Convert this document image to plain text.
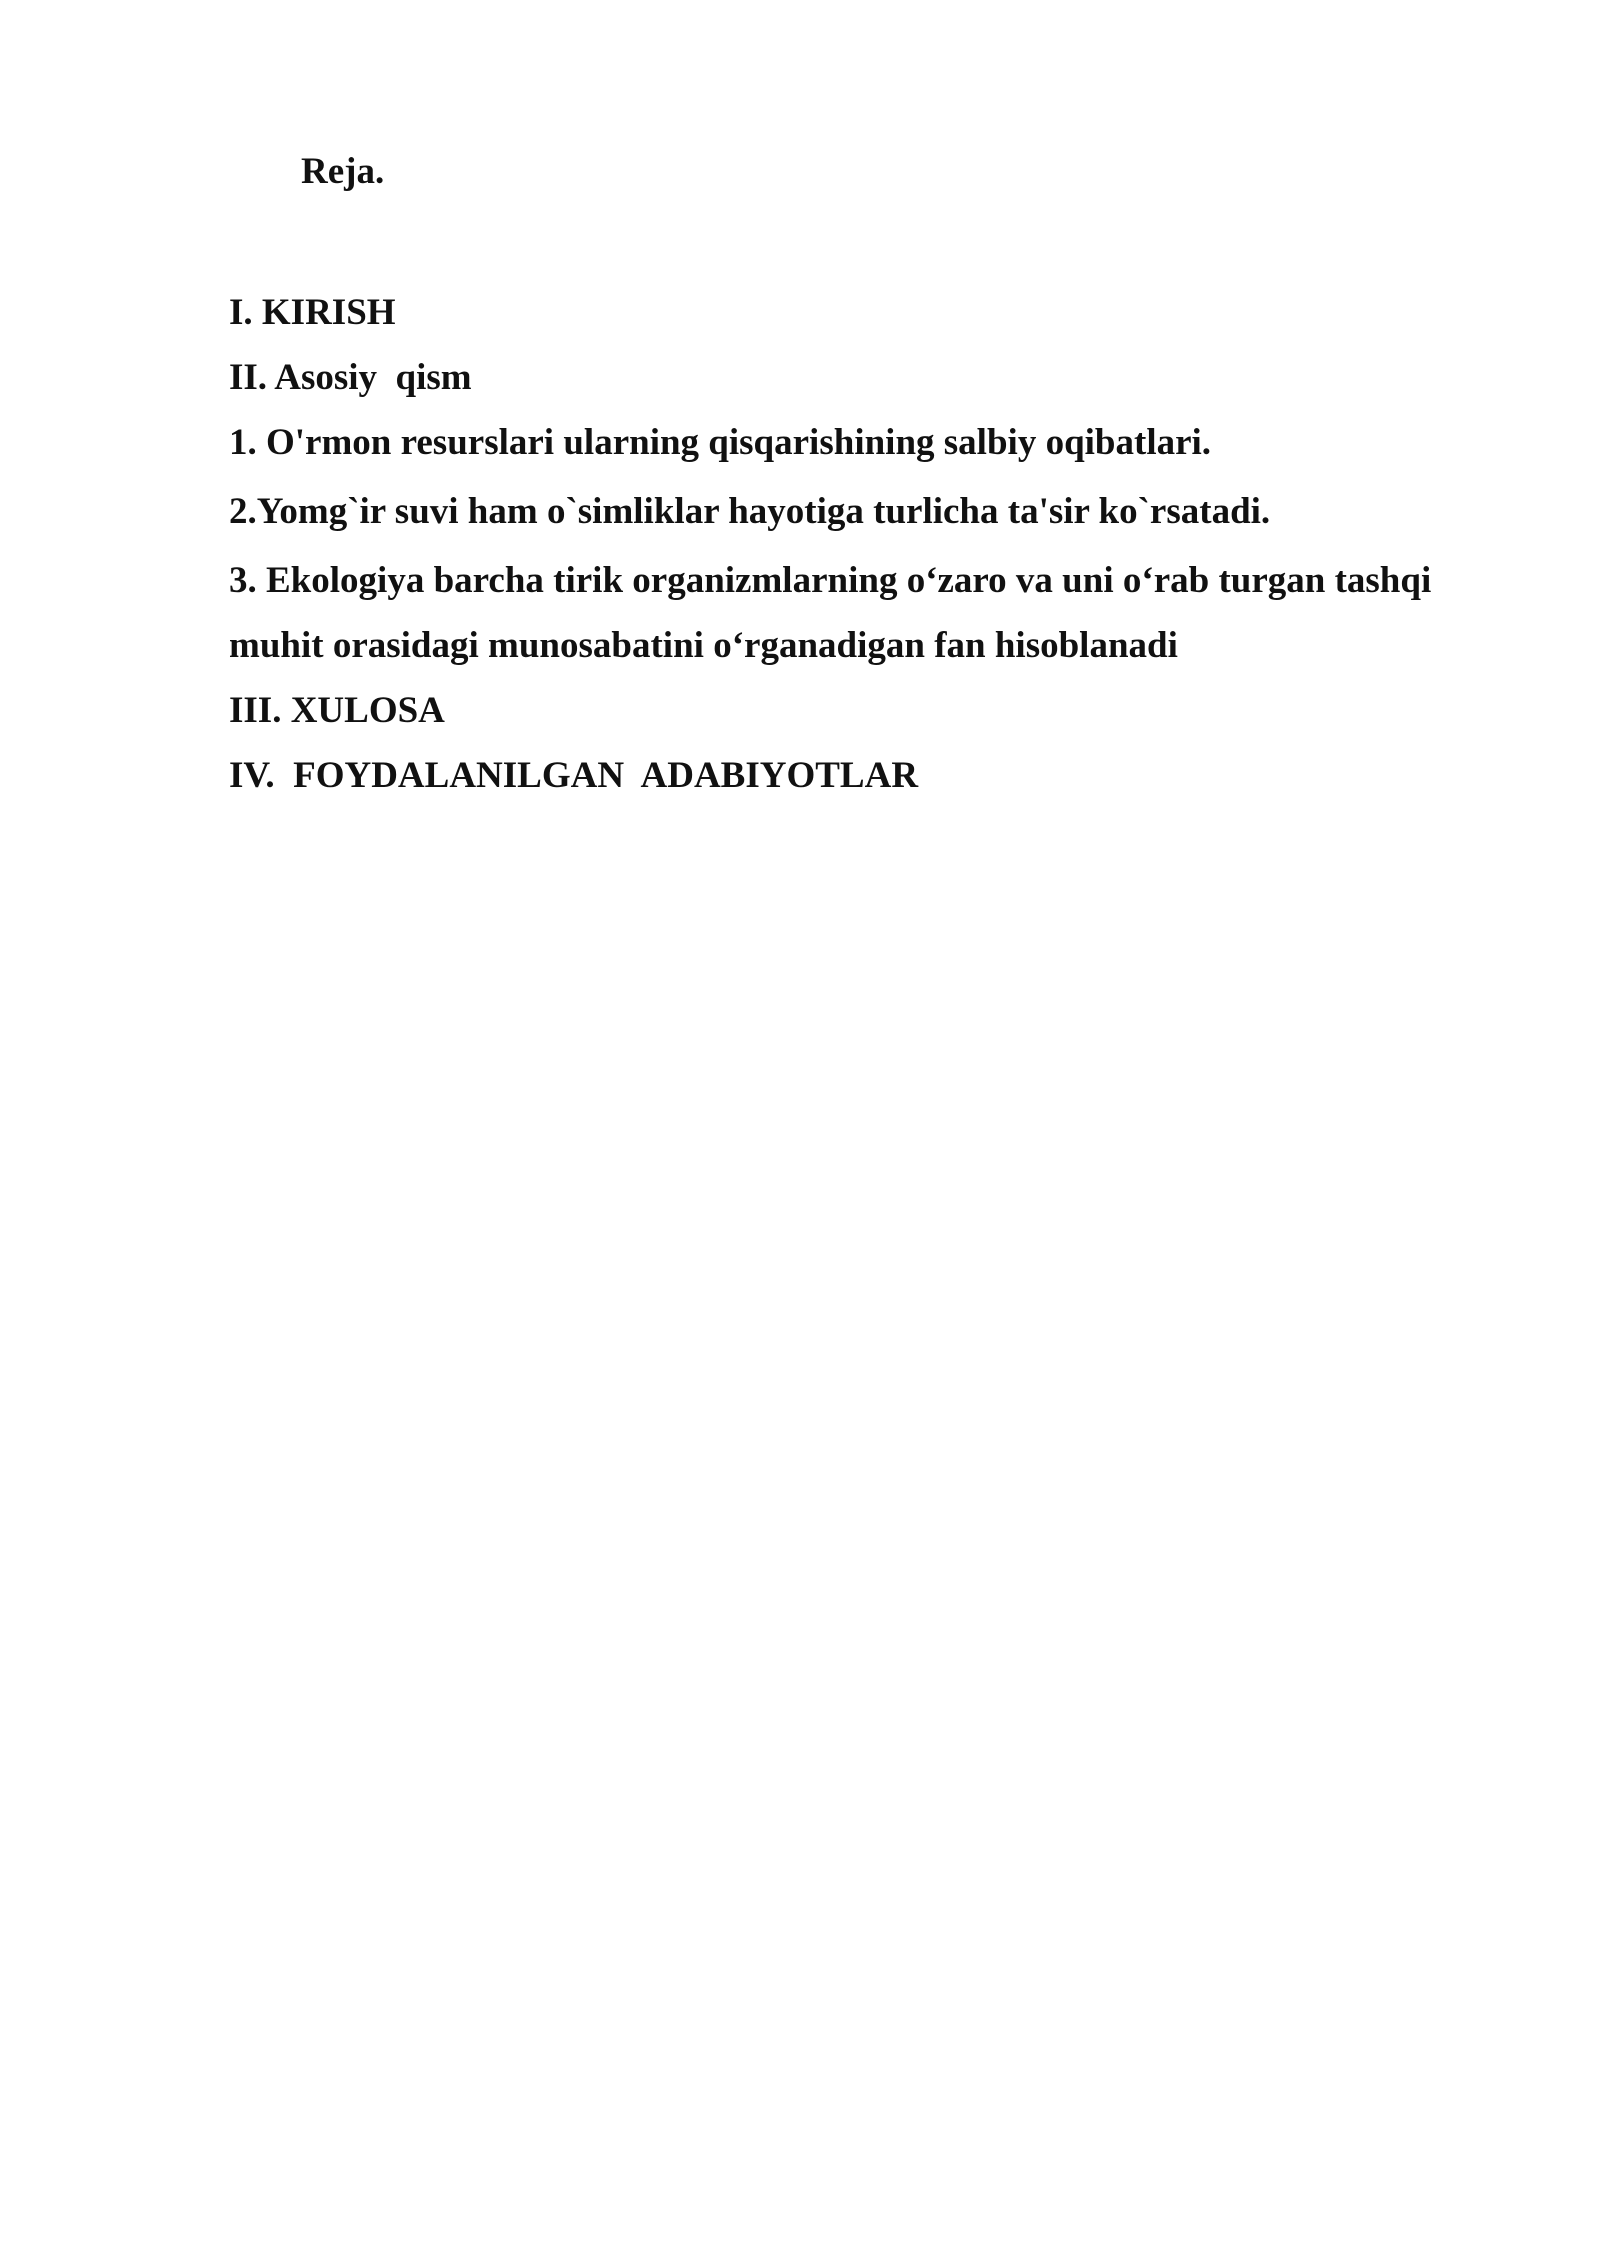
Reja.
I. KIRISH
II. Asosiy  qism
1. O'rmon resurslari ularning qisqarishining salbiy oqibatlari.
2.Yomg`ir suvi ham o`simliklar hayotiga turlicha ta'sir ko`rsatadi.
3. Ekologiya barcha tirik organizmlarning o‘zaro va uni o‘rab turgan tashqi muhit orasidagi munosabatini o‘rganadigan fan hisoblanadi
III. XULOSA
IV.  FOYDALANILGAN  ADABIYOTLAR
